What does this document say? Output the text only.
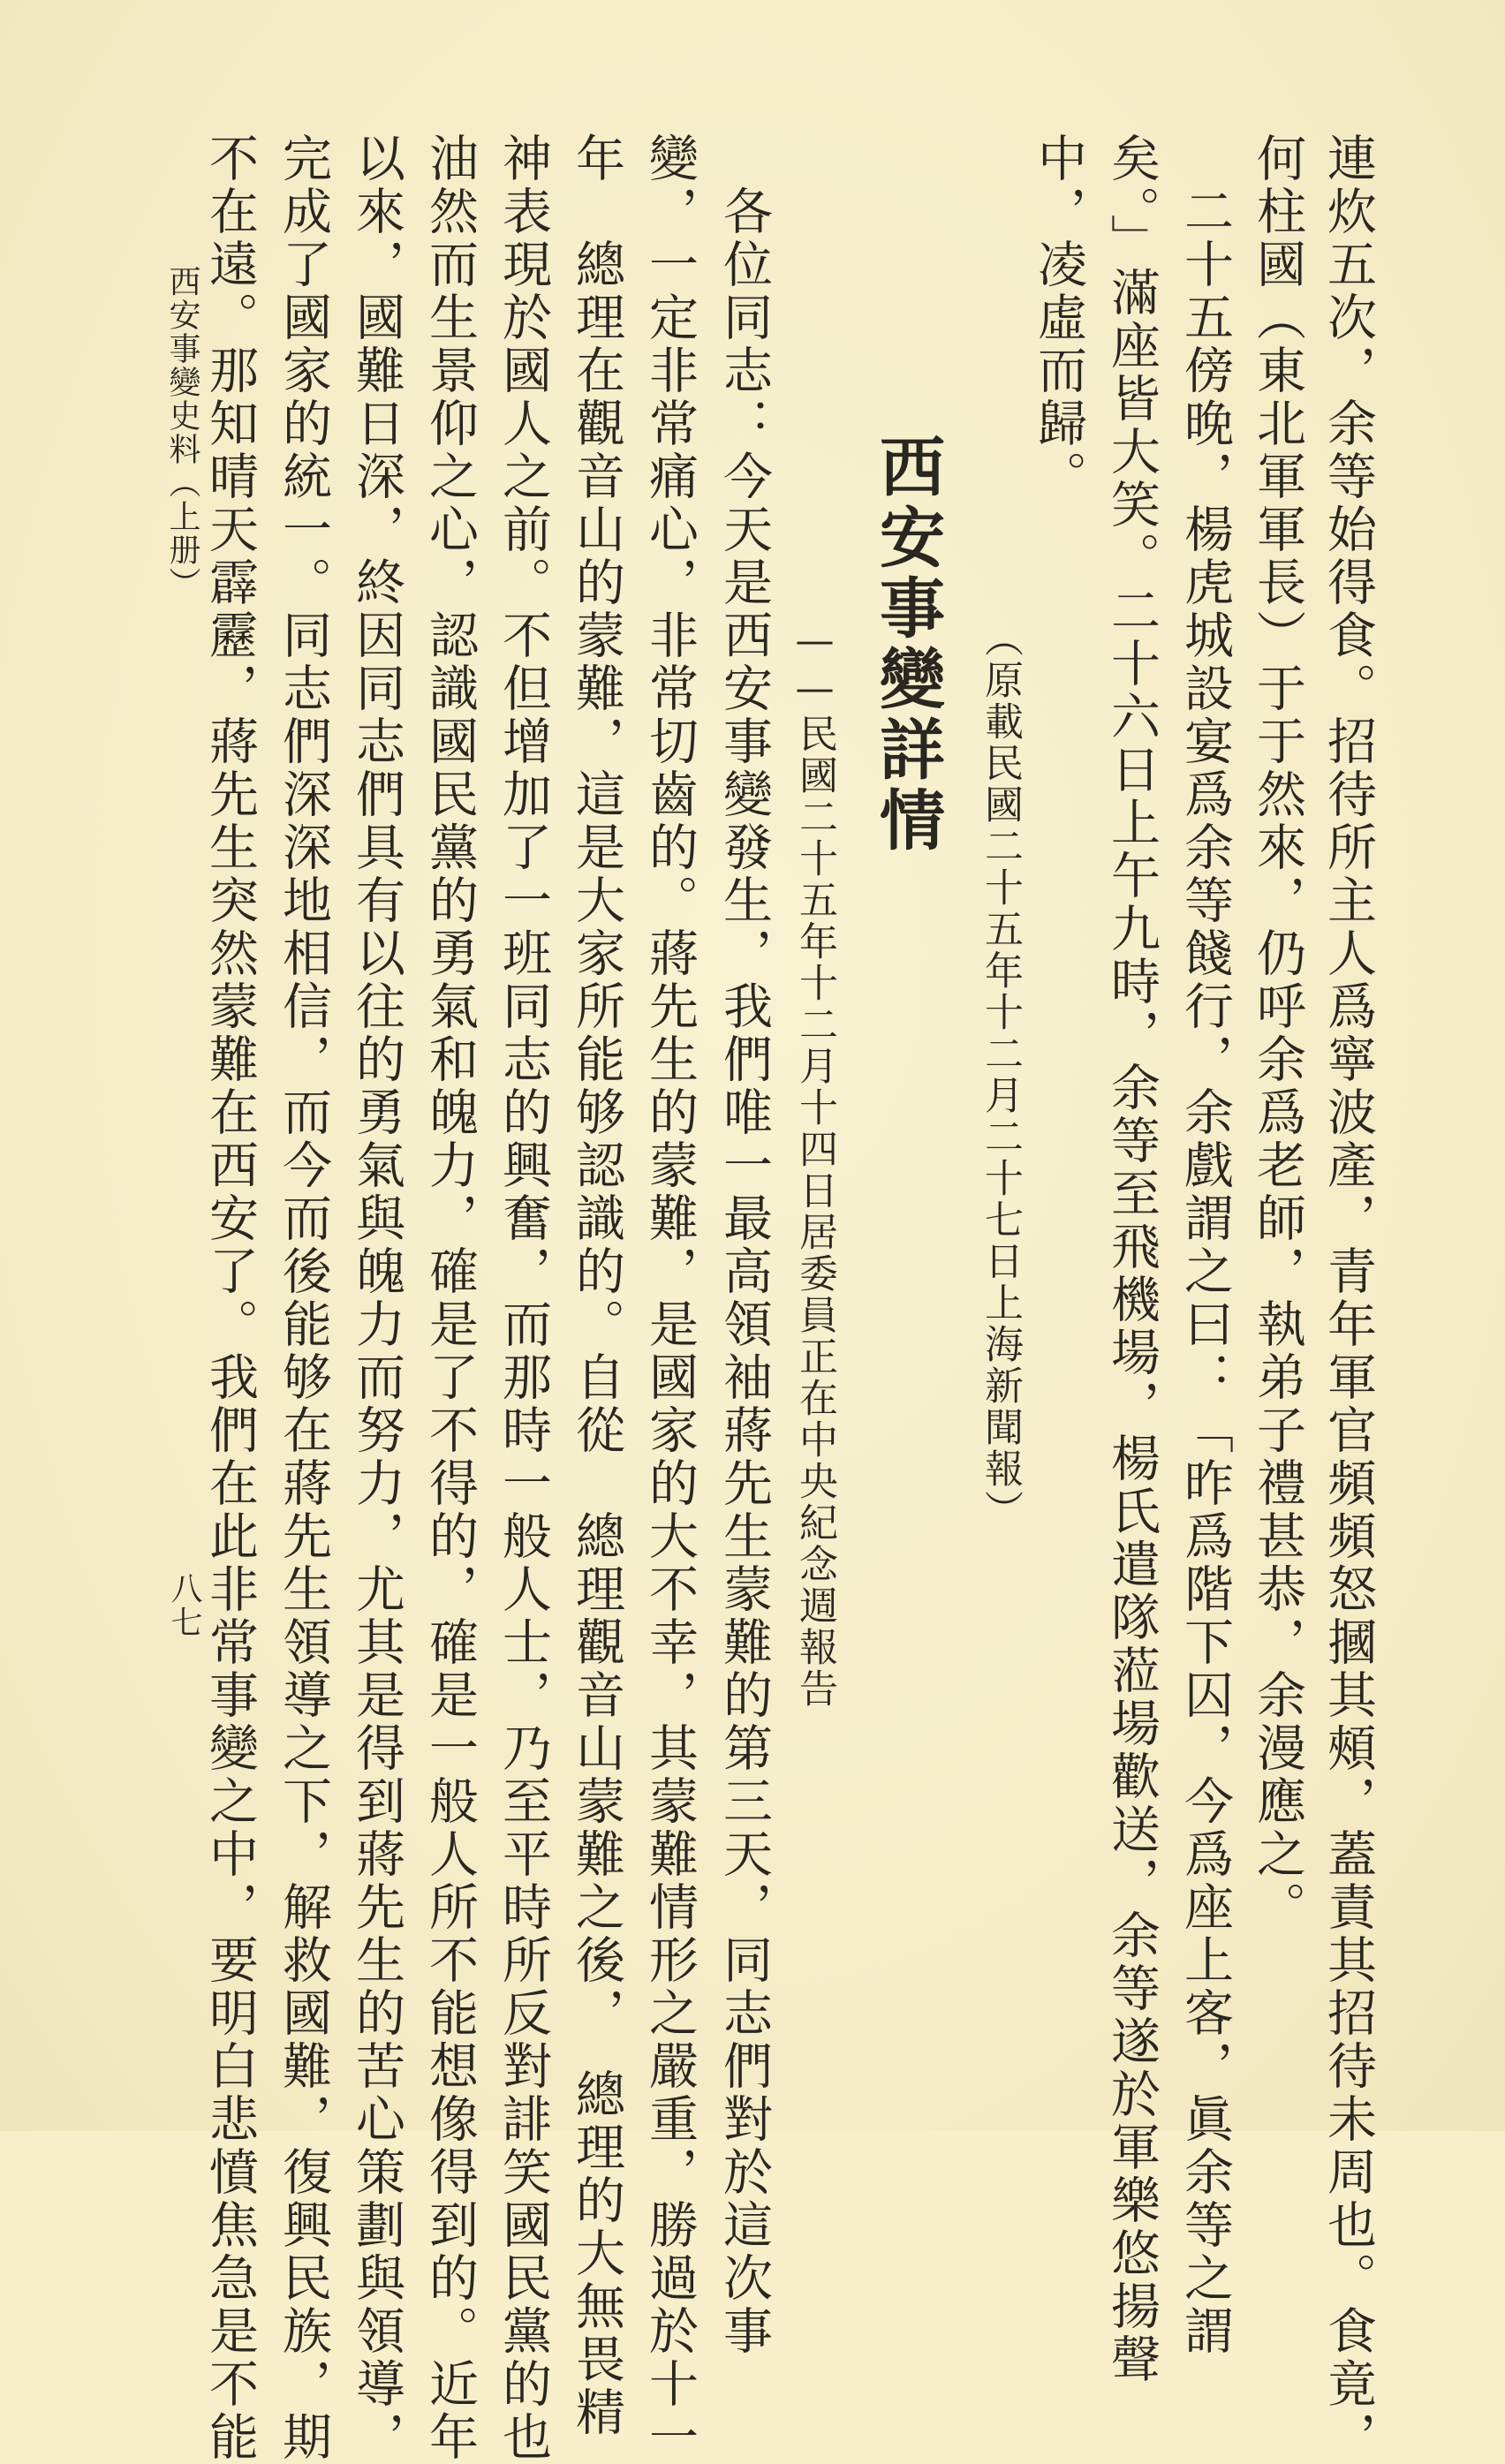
連炊五次，余等始得食。招待所主人爲寧波產，青年軍官頻頻怒摑其頰，蓋責其招待未周也。食竟，
何柱國（東北軍軍長）于于然來，仍呼余爲老師，執弟子禮甚恭，余漫應之。
二十五傍晚，楊虎城設宴爲余等餞行，余戲謂之曰：「昨爲階下囚，今爲座上客，眞余等之謂
矣。」滿座皆大笑。二十六日上午九時，余等至飛機場，楊氏遣隊蒞場歡送，余等遂於軍樂悠揚聲
中，凌虛而歸。
（原載民國二十五年十二月二十七日上海新聞報）
西安事變詳情
——民國二十五年十二月十四日居委員正在中央紀念週報告
各位同志：今天是西安事變發生，我們唯一最高領袖蔣先生蒙難的第三天，同志們對於這次事
變，一定非常痛心，非常切齒的。蔣先生的蒙難，是國家的大不幸，其蒙難情形之嚴重，勝過於十一
年　總理在觀音山的蒙難，這是大家所能够認識的。自從　總理觀音山蒙難之後，　總理的大無畏精
神表現於國人之前。不但增加了一班同志的興奮，而那時一般人士，乃至平時所反對誹笑國民黨的也
油然而生景仰之心，認識國民黨的勇氣和魄力，確是了不得的，確是一般人所不能想像得到的。近年
以來，國難日深，終因同志們具有以往的勇氣與魄力而努力，尤其是得到蔣先生的苦心策劃與領導，
完成了國家的統一。同志們深深地相信，而今而後能够在蔣先生領導之下，解救國難，復興民族，期
不在遠。那知晴天霹靂，蔣先生突然蒙難在西安了。我們在此非常事變之中，要明白悲憤焦急是不能
西安事變史料（上册）
八七
